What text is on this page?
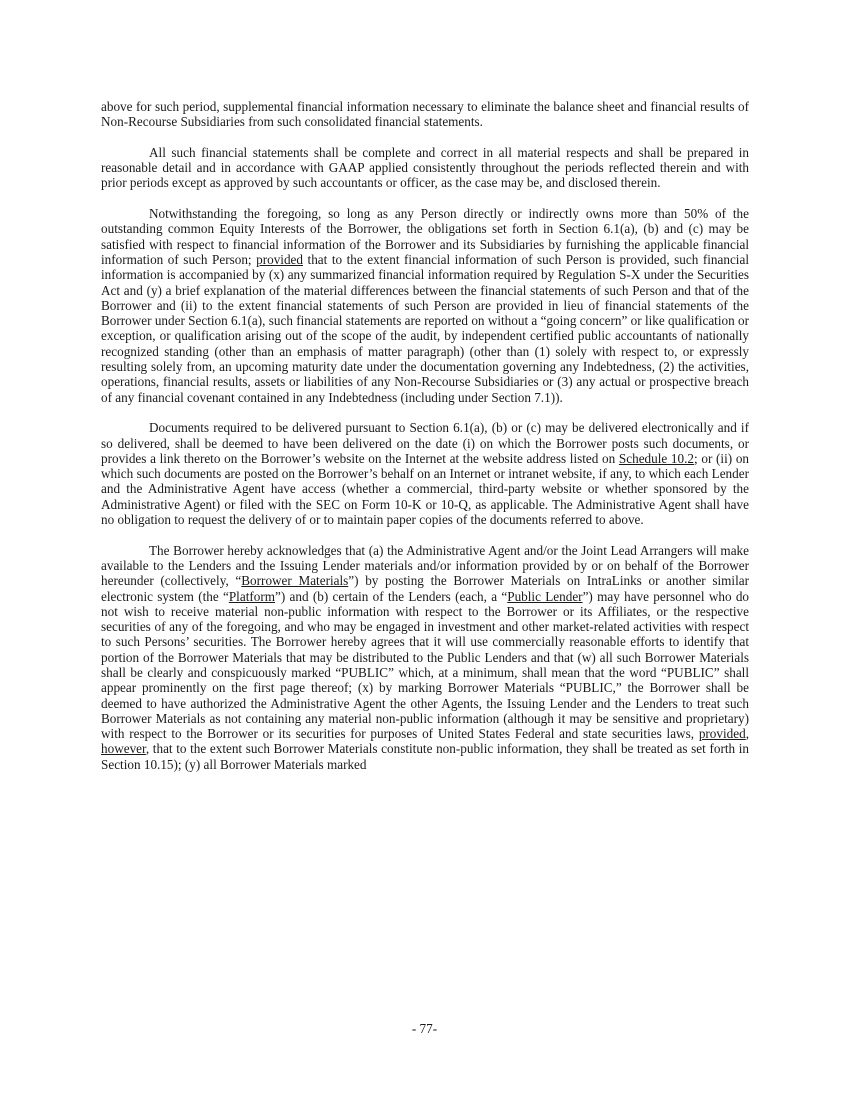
above for such period, supplemental financial information necessary to eliminate the balance sheet and financial results of Non-Recourse Subsidiaries from such consolidated financial statements.

All such financial statements shall be complete and correct in all material respects and shall be prepared in reasonable detail and in accordance with GAAP applied consistently throughout the periods reflected therein and with prior periods except as approved by such accountants or officer, as the case may be, and disclosed therein.

Notwithstanding the foregoing, so long as any Person directly or indirectly owns more than 50% of the outstanding common Equity Interests of the Borrower, the obligations set forth in Section 6.1(a), (b) and (c) may be satisfied with respect to financial information of the Borrower and its Subsidiaries by furnishing the applicable financial information of such Person; provided that to the extent financial information of such Person is provided, such financial information is accompanied by (x) any summarized financial information required by Regulation S-X under the Securities Act and (y) a brief explanation of the material differences between the financial statements of such Person and that of the Borrower and (ii) to the extent financial statements of such Person are provided in lieu of financial statements of the Borrower under Section 6.1(a), such financial statements are reported on without a “going concern” or like qualification or exception, or qualification arising out of the scope of the audit, by independent certified public accountants of nationally recognized standing (other than an emphasis of matter paragraph) (other than (1) solely with respect to, or expressly resulting solely from, an upcoming maturity date under the documentation governing any Indebtedness, (2) the activities, operations, financial results, assets or liabilities of any Non-Recourse Subsidiaries or (3) any actual or prospective breach of any financial covenant contained in any Indebtedness (including under Section 7.1)).

Documents required to be delivered pursuant to Section 6.1(a), (b) or (c) may be delivered electronically and if so delivered, shall be deemed to have been delivered on the date (i) on which the Borrower posts such documents, or provides a link thereto on the Borrower’s website on the Internet at the website address listed on Schedule 10.2; or (ii) on which such documents are posted on the Borrower’s behalf on an Internet or intranet website, if any, to which each Lender and the Administrative Agent have access (whether a commercial, third-party website or whether sponsored by the Administrative Agent) or filed with the SEC on Form 10-K or 10-Q, as applicable. The Administrative Agent shall have no obligation to request the delivery of or to maintain paper copies of the documents referred to above.

The Borrower hereby acknowledges that (a) the Administrative Agent and/or the Joint Lead Arrangers will make available to the Lenders and the Issuing Lender materials and/or information provided by or on behalf of the Borrower hereunder (collectively, “Borrower Materials”) by posting the Borrower Materials on IntraLinks or another similar electronic system (the “Platform”) and (b) certain of the Lenders (each, a “Public Lender”) may have personnel who do not wish to receive material non-public information with respect to the Borrower or its Affiliates, or the respective securities of any of the foregoing, and who may be engaged in investment and other market-related activities with respect to such Persons’ securities. The Borrower hereby agrees that it will use commercially reasonable efforts to identify that portion of the Borrower Materials that may be distributed to the Public Lenders and that (w) all such Borrower Materials shall be clearly and conspicuously marked “PUBLIC” which, at a minimum, shall mean that the word “PUBLIC” shall appear prominently on the first page thereof; (x) by marking Borrower Materials “PUBLIC,” the Borrower shall be deemed to have authorized the Administrative Agent the other Agents, the Issuing Lender and the Lenders to treat such Borrower Materials as not containing any material non-public information (although it may be sensitive and proprietary) with respect to the Borrower or its securities for purposes of United States Federal and state securities laws, provided, however, that to the extent such Borrower Materials constitute non-public information, they shall be treated as set forth in Section 10.15); (y) all Borrower Materials marked

- 77-
